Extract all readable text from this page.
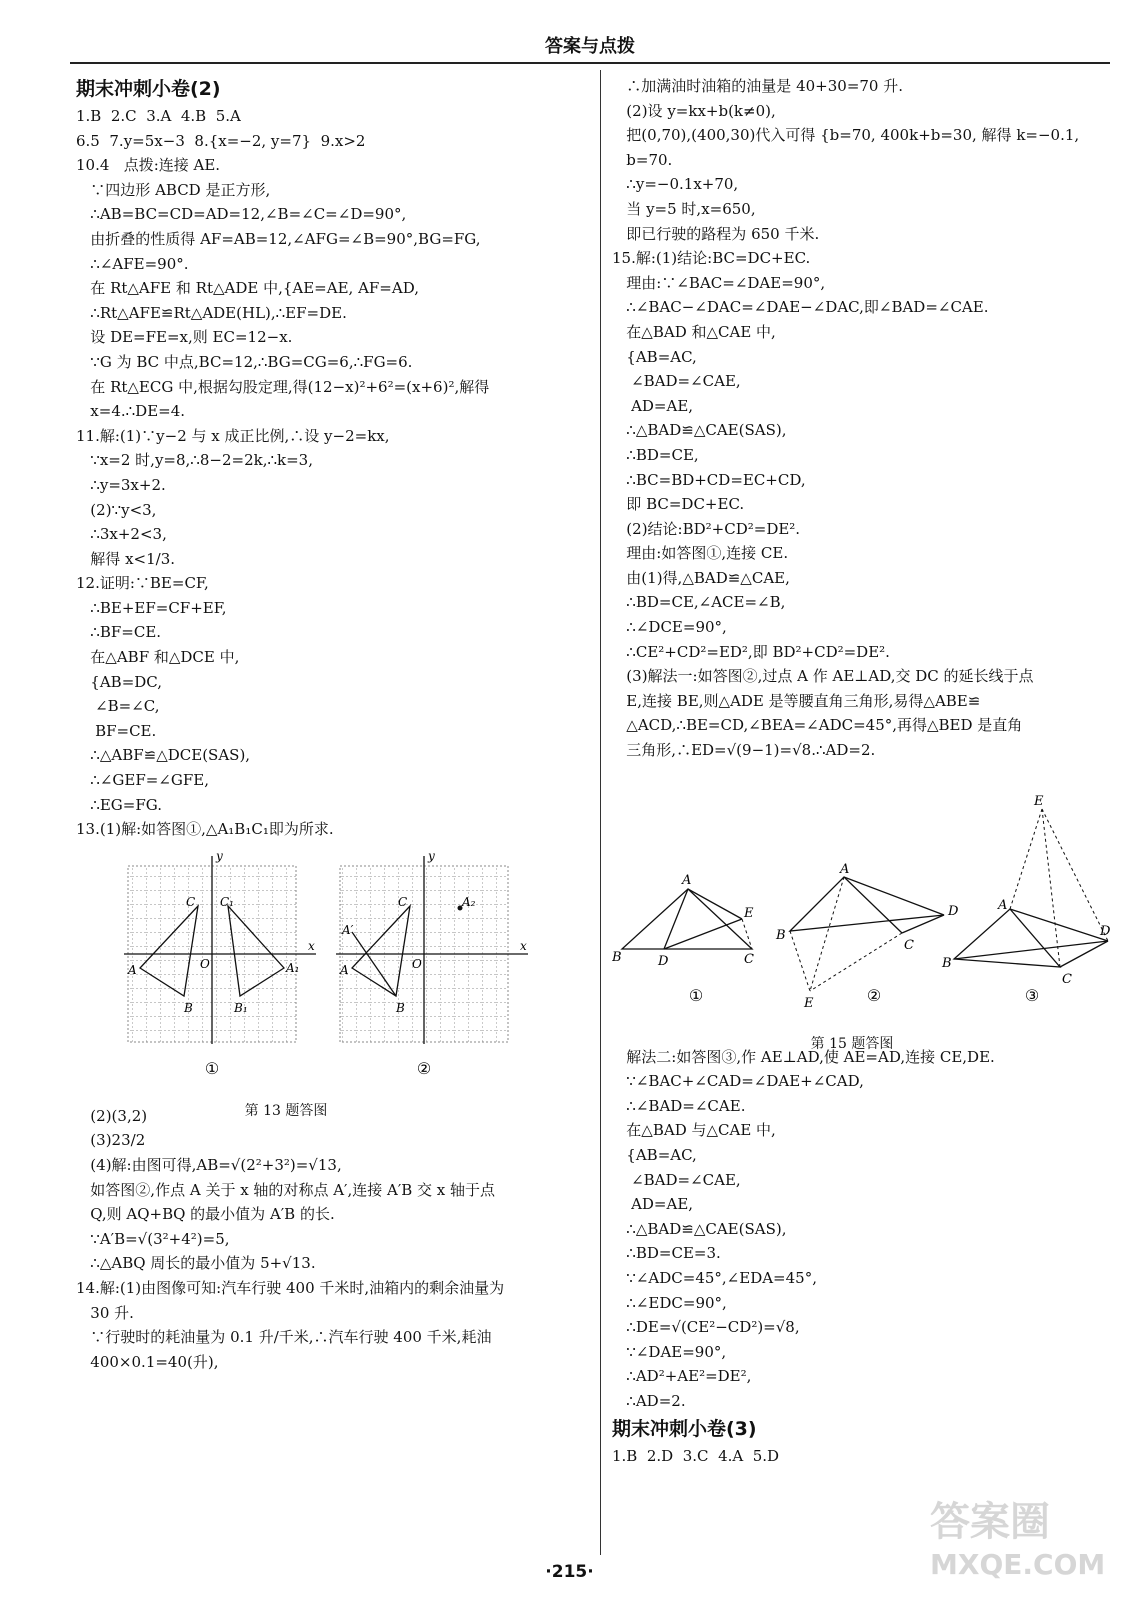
答案与点拨
期末冲刺小卷(2)
1.B  2.C  3.A  4.B  5.A
6.5  7.y=5x−3  8.{x=−2, y=7}  9.x>2
10.4   点拨:连接 AE.
∵四边形 ABCD 是正方形,
∴AB=BC=CD=AD=12,∠B=∠C=∠D=90°,
由折叠的性质得 AF=AB=12,∠AFG=∠B=90°,BG=FG,
∴∠AFE=90°.
在 Rt△AFE 和 Rt△ADE 中,{AE=AE, AF=AD,
∴Rt△AFE≌Rt△ADE(HL),∴EF=DE.
设 DE=FE=x,则 EC=12−x.
∵G 为 BC 中点,BC=12,∴BG=CG=6,∴FG=6.
在 Rt△ECG 中,根据勾股定理,得(12−x)²+6²=(x+6)²,解得
x=4.∴DE=4.
11.解:(1)∵y−2 与 x 成正比例,∴设 y−2=kx,
∵x=2 时,y=8,∴8−2=2k,∴k=3,
∴y=3x+2.
(2)∵y<3,
∴3x+2<3,
解得 x<1/3.
12.证明:∵BE=CF,
∴BE+EF=CF+EF,
∴BF=CE.
在△ABF 和△DCE 中,
{AB=DC,
∠B=∠C,
BF=CE.
∴△ABF≌△DCE(SAS),
∴∠GEF=∠GFE,
∴EG=FG.
13.(1)解:如答图①,△A₁B₁C₁即为所求.
C C₁
A	O
B	B₁
A₁
x
y
①
C
A′
A	O
B
A₂
x
y
②
第 13 题答图
(2)(3,2)
(3)23/2
(4)解:由图可得,AB=√(2²+3²)=√13,
如答图②,作点 A 关于 x 轴的对称点 A′,连接 A′B 交 x 轴于点
Q,则 AQ+BQ 的最小值为 A′B 的长.
∵A′B=√(3²+4²)=5,
∴△ABQ 周长的最小值为 5+√13.
14.解:(1)由图像可知:汽车行驶 400 千米时,油箱内的剩余油量为
30 升.
∵行驶时的耗油量为 0.1 升/千米,∴汽车行驶 400 千米,耗油
400×0.1=40(升),
∴加满油时油箱的油量是 40+30=70 升.
(2)设 y=kx+b(k≠0),
把(0,70),(400,30)代入可得 {b=70, 400k+b=30, 解得 k=−0.1,
b=70.
∴y=−0.1x+70,
当 y=5 时,x=650,
即已行驶的路程为 650 千米.
15.解:(1)结论:BC=DC+EC.
理由:∵∠BAC=∠DAE=90°,
∴∠BAC−∠DAC=∠DAE−∠DAC,即∠BAD=∠CAE.
在△BAD 和△CAE 中,
{AB=AC,
∠BAD=∠CAE,
AD=AE,
∴△BAD≌△CAE(SAS),
∴BD=CE,
∴BC=BD+CD=EC+CD,
即 BC=DC+EC.
(2)结论:BD²+CD²=DE².
理由:如答图①,连接 CE.
由(1)得,△BAD≌△CAE,
∴BD=CE,∠ACE=∠B,
∴∠DCE=90°,
∴CE²+CD²=ED²,即 BD²+CD²=DE².
(3)解法一:如答图②,过点 A 作 AE⊥AD,交 DC 的延长线于点
E,连接 BE,则△ADE 是等腰直角三角形,易得△ABE≌
△ACD,∴BE=CD,∠BEA=∠ADC=45°,再得△BED 是直角
三角形,∴ED=√(9−1)=√8.∴AD=2.
A
E
B	D	C
①
A
D
B
C
E	②
E
A
B
C
D
③
第 15 题答图
解法二:如答图③,作 AE⊥AD,使 AE=AD,连接 CE,DE.
∵∠BAC+∠CAD=∠DAE+∠CAD,
∴∠BAD=∠CAE.
在△BAD 与△CAE 中,
{AB=AC,
∠BAD=∠CAE,
AD=AE,
∴△BAD≌△CAE(SAS),
∴BD=CE=3.
∵∠ADC=45°,∠EDA=45°,
∴∠EDC=90°,
∴DE=√(CE²−CD²)=√8,
∵∠DAE=90°,
∴AD²+AE²=DE²,
∴AD=2.
期末冲刺小卷(3)
1.B  2.D  3.C  4.A  5.D
·215·
答案圈
MXQE.COM
